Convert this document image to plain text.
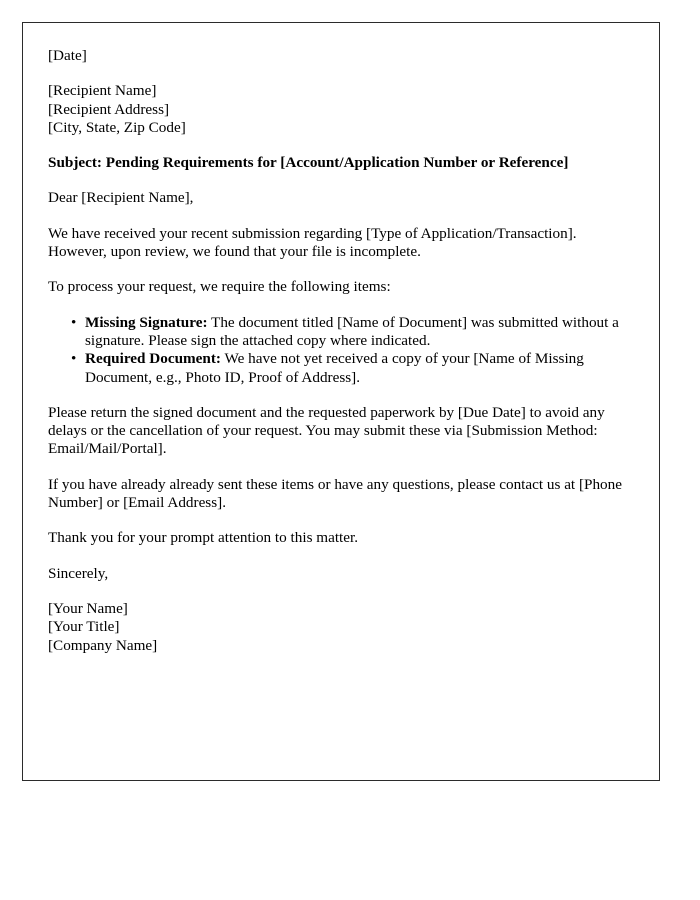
[Date]
[Recipient Name]
[Recipient Address]
[City, State, Zip Code]
Subject: Pending Requirements for [Account/Application Number or Reference]
Dear [Recipient Name],
We have received your recent submission regarding [Type of Application/Transaction]. However, upon review, we found that your file is incomplete.
To process your request, we require the following items:
• Missing Signature: The document titled [Name of Document] was submitted without a signature. Please sign the attached copy where indicated.
• Required Document: We have not yet received a copy of your [Name of Missing Document, e.g., Photo ID, Proof of Address].
Please return the signed document and the requested paperwork by [Due Date] to avoid any delays or the cancellation of your request. You may submit these via [Submission Method: Email/Mail/Portal].
If you have already already sent these items or have any questions, please contact us at [Phone Number] or [Email Address].
Thank you for your prompt attention to this matter.
Sincerely,
[Your Name]
[Your Title]
[Company Name]
